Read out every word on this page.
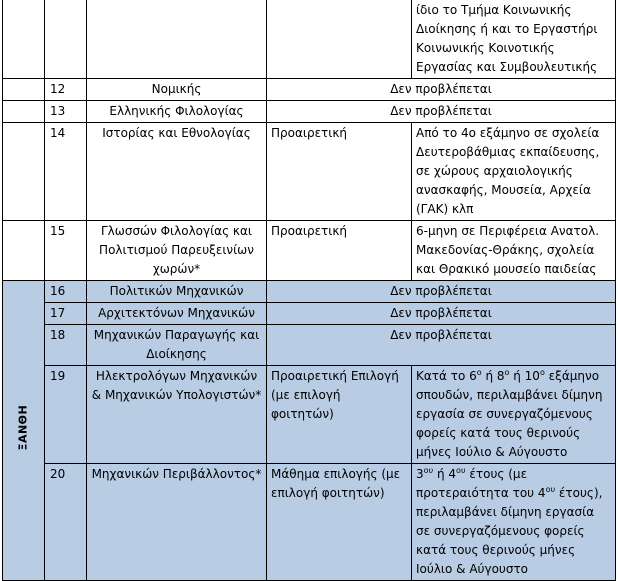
				ίδιο το Τμήμα Κοινωνικής Διοίκησης ή και το Εργαστήρι Κοινωνικής Κοινοτικής Εργασίας και Συμβουλευτικής
	12	Νομικής	Δεν προβλέπεται	
	13	Ελληνικής Φιλολογίας	Δεν προβλέπεται	
	14	Ιστορίας και Εθνολογίας	Προαιρετική	Από το 4ο εξάμηνο σε σχολεία Δευτεροβάθμιας εκπαίδευσης, σε χώρους αρχαιολογικής ανασκαφής, Μουσεία, Αρχεία (ΓΑΚ) κλπ
	15	Γλωσσών Φιλολογίας και Πολιτισμού Παρευξεινίων χωρών*	Προαιρετική	6-μηνη σε Περιφέρεια Ανατολ. Μακεδονίας-Θράκης, σχολεία και Θρακικό μουσείο παιδείας

ΞΑΝΘΗ	16	Πολιτικών Μηχανικών	Δεν προβλέπεται	
	17	Αρχιτεκτόνων Μηχανικών	Δεν προβλέπεται	
	18	Μηχανικών Παραγωγής και Διοίκησης	Δεν προβλέπεται	
	19	Ηλεκτρολόγων Μηχανικών & Μηχανικών Υπολογιστών*	Προαιρετική Επιλογή (με επιλογή φοιτητών)	Κατά το $6^o$ ή $8^o$ ή $10^o$ εξάμηνο σπουδών, περιλαμβάνει δίμηνη εργασία σε συνεργαζόμενους φορείς κατά τους θερινούς μήνες Ιούλιο & Αύγουστο
	20	Μηχανικών Περιβάλλοντος*	Μάθημα επιλογής (με επιλογή φοιτητών)	$3^{o\upsilon}$ ή $4^{o\upsilon}$ έτους (με προτεραιότητα του $4^{o\upsilon}$ έτους), περιλαμβάνει δίμηνη εργασία σε συνεργαζόμενους φορείς κατά τους θερινούς μήνες Ιούλιο & Αύγουστο
